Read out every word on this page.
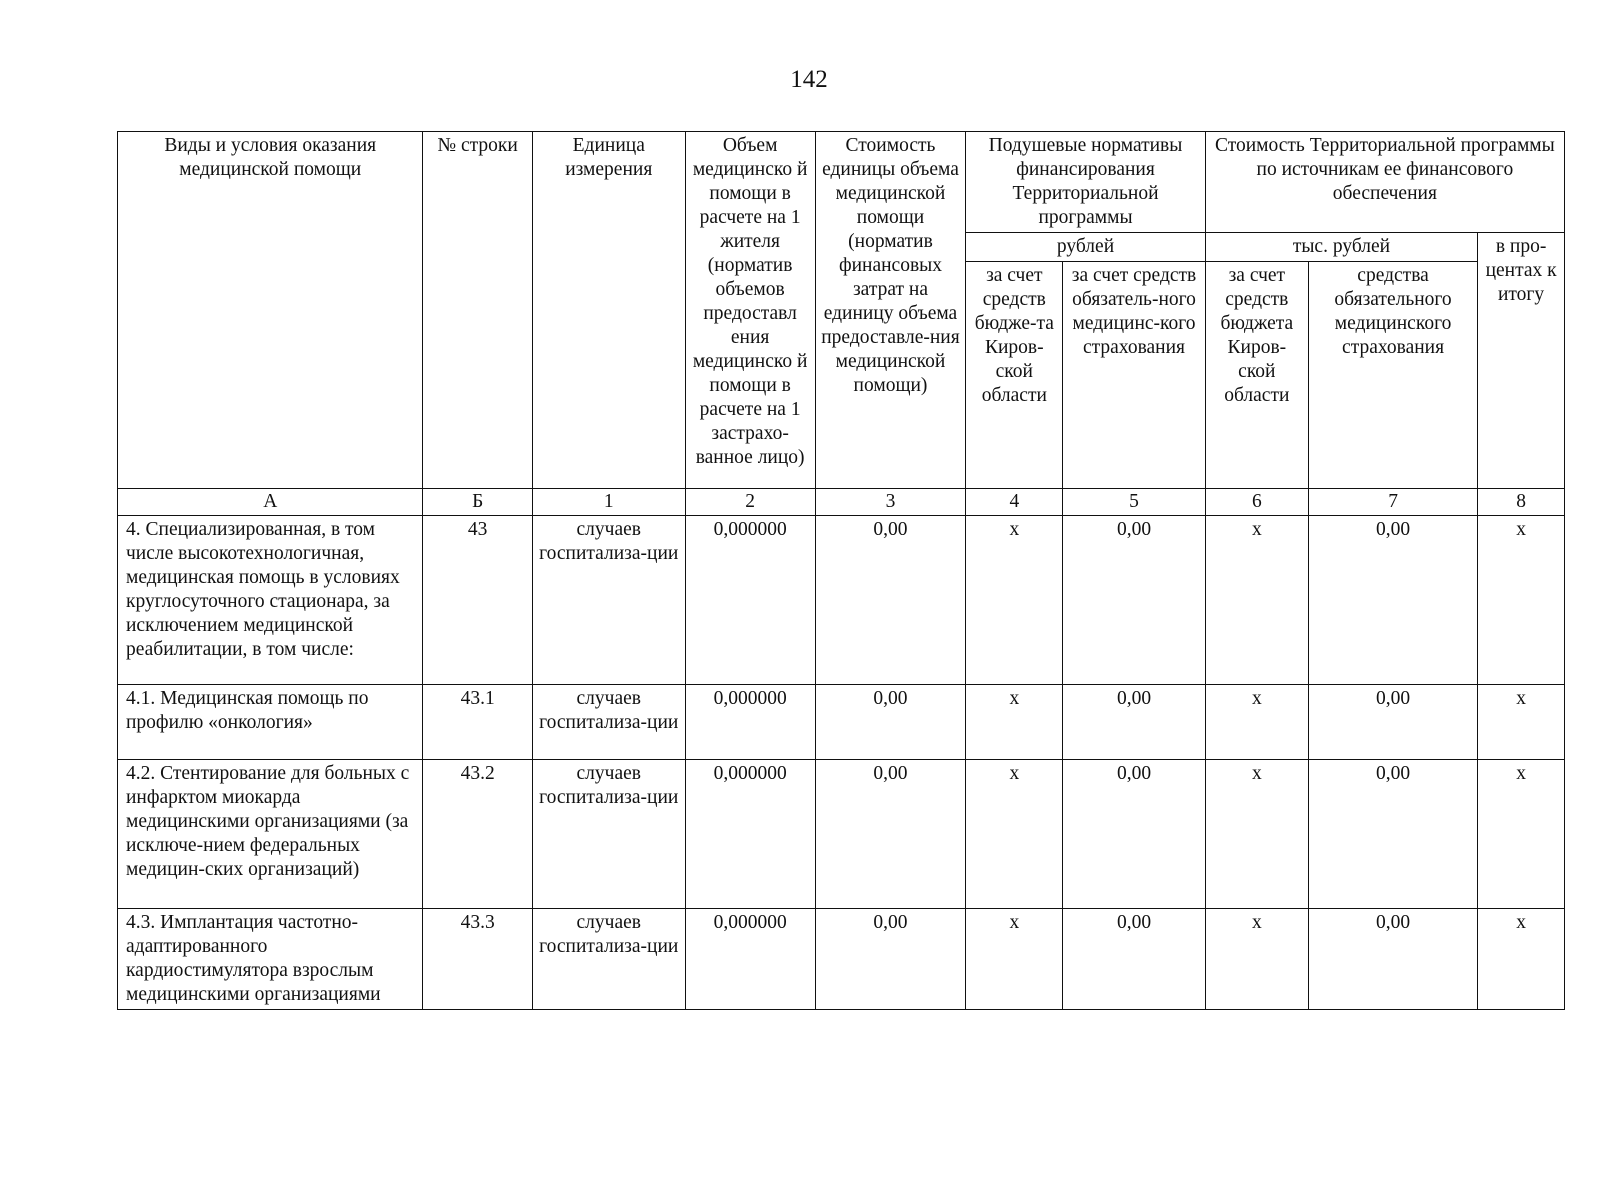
142
Виды и условия оказания медицинской помощи	№ строки	Единица измерения	Объем медицинско й помощи в расчете на 1 жителя (норматив объемов предоставл ения медицинско й помощи в расчете на 1 застрахо-ванное лицо)	Стоимость единицы объема медицинской помощи (норматив финансовых затрат на единицу объема предоставле-ния медицинской помощи)	Подушевые нормативы финансирования Территориальной программы		Стоимость Территориальной программы по источникам ее финансового обеспечения		
					рублей		тыс. рублей		в про-центах к итогу
					за счет средств бюдже-та Киров-ской области	за счет средств обязатель-ного медицинс-кого страхования	за счет средств бюджета Киров-ской области	средства обязательного медицинского страхования	
А	Б	1	2	3	4	5	6	7	8
4. Специализированная, в том числе высокотехнологичная, медицинская помощь в условиях круглосуточного стационара, за исключением медицинской реабилитации, в том числе:	43	случаев госпитализа-ции	0,000000	0,00	x	0,00	x	0,00	x
4.1. Медицинская помощь по профилю «онкология»	43.1	случаев госпитализа-ции	0,000000	0,00	x	0,00	x	0,00	x
4.2. Стентирование для больных с инфарктом миокарда медицинскими организациями (за исключе-нием федеральных медицин-ских организаций)	43.2	случаев госпитализа-ции	0,000000	0,00	x	0,00	x	0,00	x
4.3. Имплантация частотно-адаптированного кардиостимулятора взрослым медицинскими организациями	43.3	случаев госпитализа-ции	0,000000	0,00	x	0,00	x	0,00	x
